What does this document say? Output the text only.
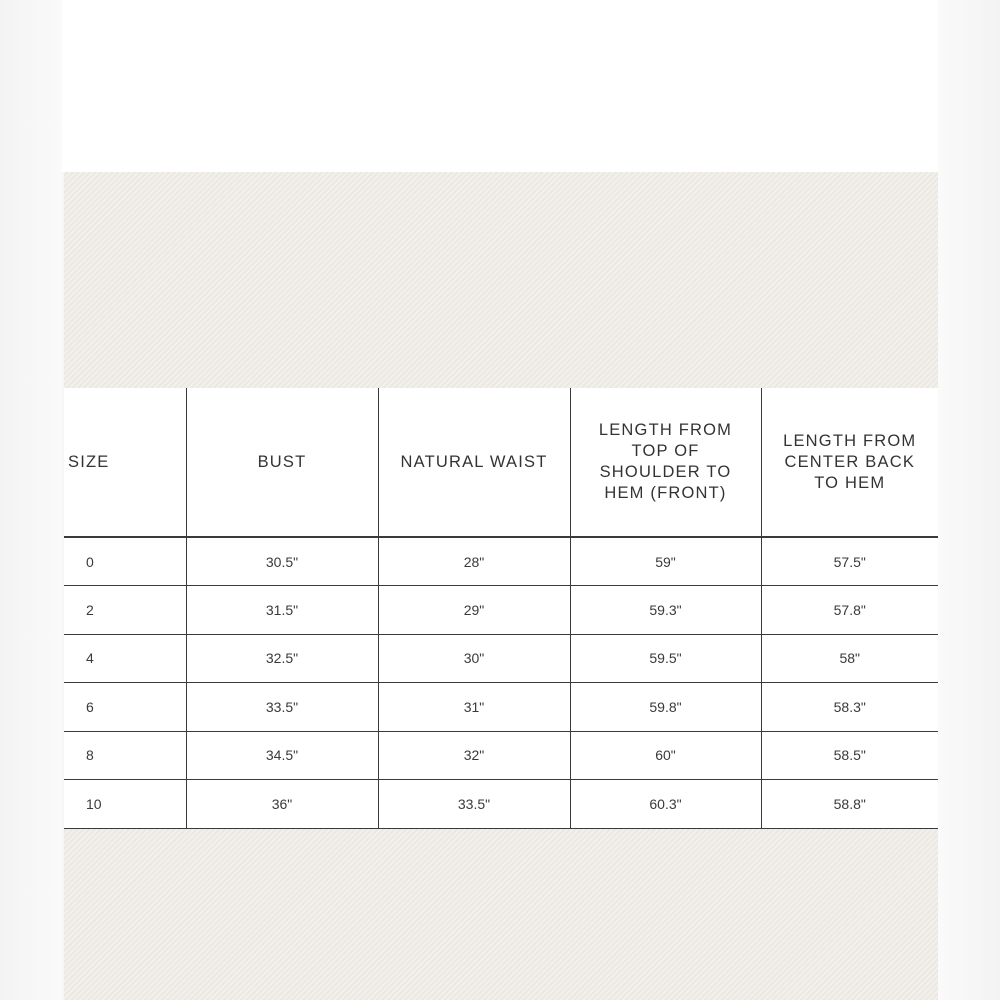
SIZE	BUST	NATURAL WAIST	LENGTH FROM TOP OF SHOULDER TO HEM (FRONT)	LENGTH FROM CENTER BACK TO HEM
0	30.5"	28"	59"	57.5"
2	31.5"	29"	59.3"	57.8"
4	32.5"	30"	59.5"	58"
6	33.5"	31"	59.8"	58.3"
8	34.5"	32"	60"	58.5"
10	36"	33.5"	60.3"	58.8"
